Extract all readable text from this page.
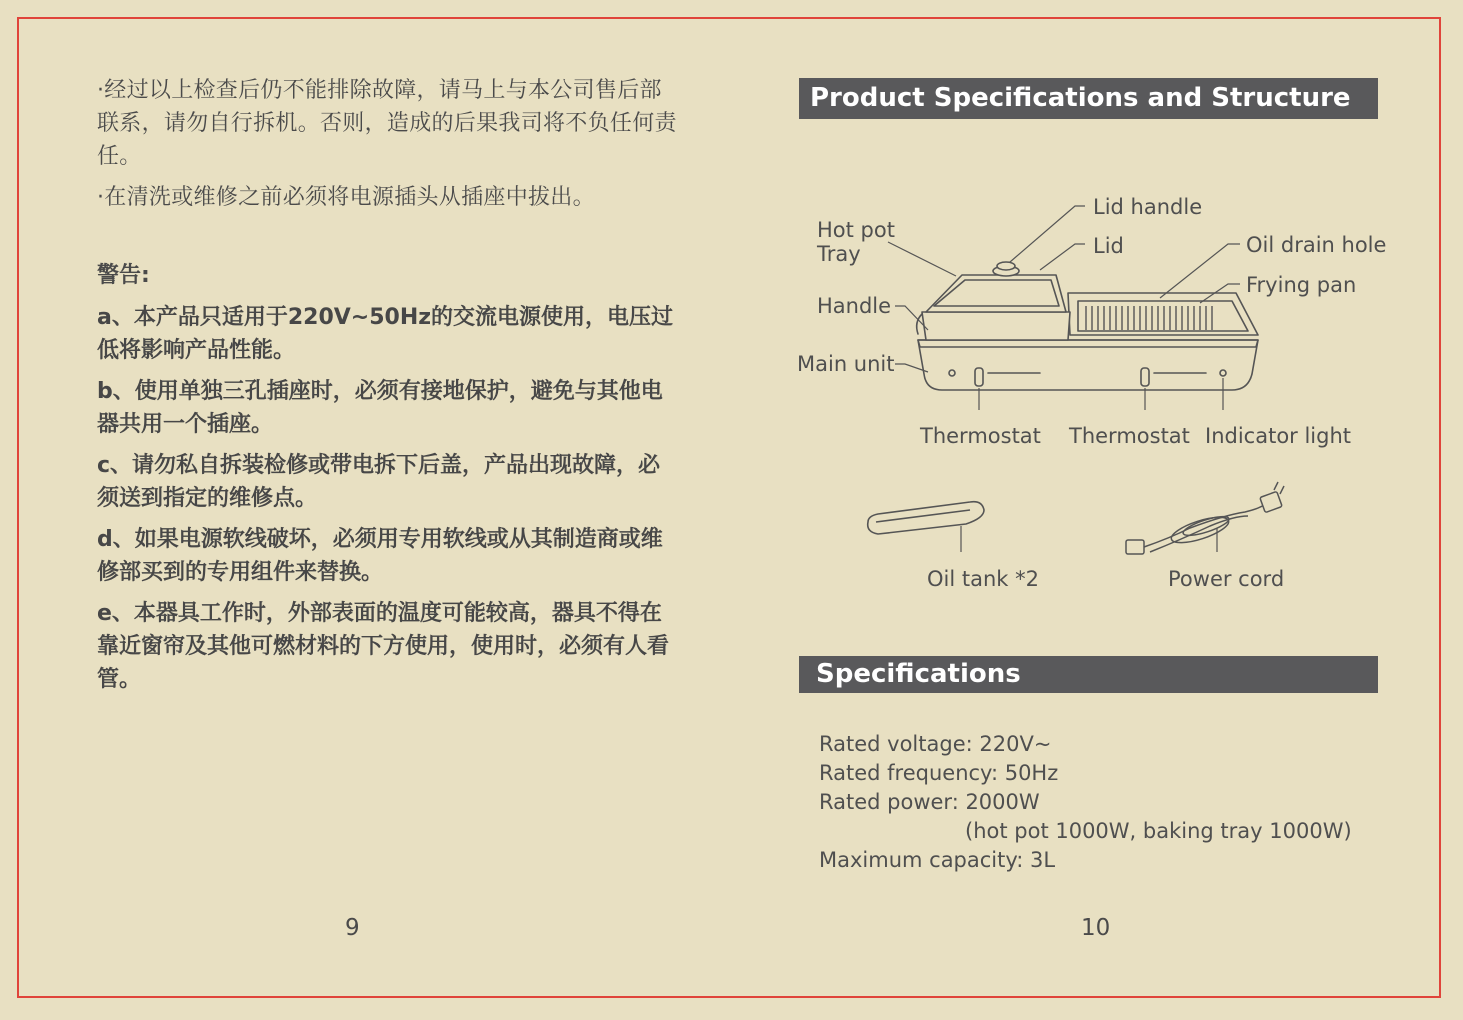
·经过以上检查后仍不能排除故障，请马上与本公司售后部联系，请勿自行拆机。否则，造成的后果我司将不负任何责任。

·在清洗或维修之前必须将电源插头从插座中拔出。

警告:

a、本产品只适用于220V~50Hz的交流电源使用，电压过低将影响产品性能。

b、使用单独三孔插座时，必须有接地保护，避免与其他电器共用一个插座。

c、请勿私自拆装检修或带电拆下后盖，产品出现故障，必须送到指定的维修点。

d、如果电源软线破坏，必须用专用软线或从其制造商或维修部买到的专用组件来替换。

e、本器具工作时，外部表面的温度可能较高，器具不得在靠近窗帘及其他可燃材料的下方使用，使用时，必须有人看管。

9
Product Specifications and Structure
Hot pot
Tray
Handle
Main unit
Lid handle
Lid	Oil drain hole
Frying pan
Thermostat Thermostat Indicator light
Oil tank *2	Power cord
Specifications
Rated voltage: 220V~
Rated frequency: 50Hz
Rated power: 2000W
(hot pot 1000W, baking tray 1000W)
Maximum capacity: 3L
10
